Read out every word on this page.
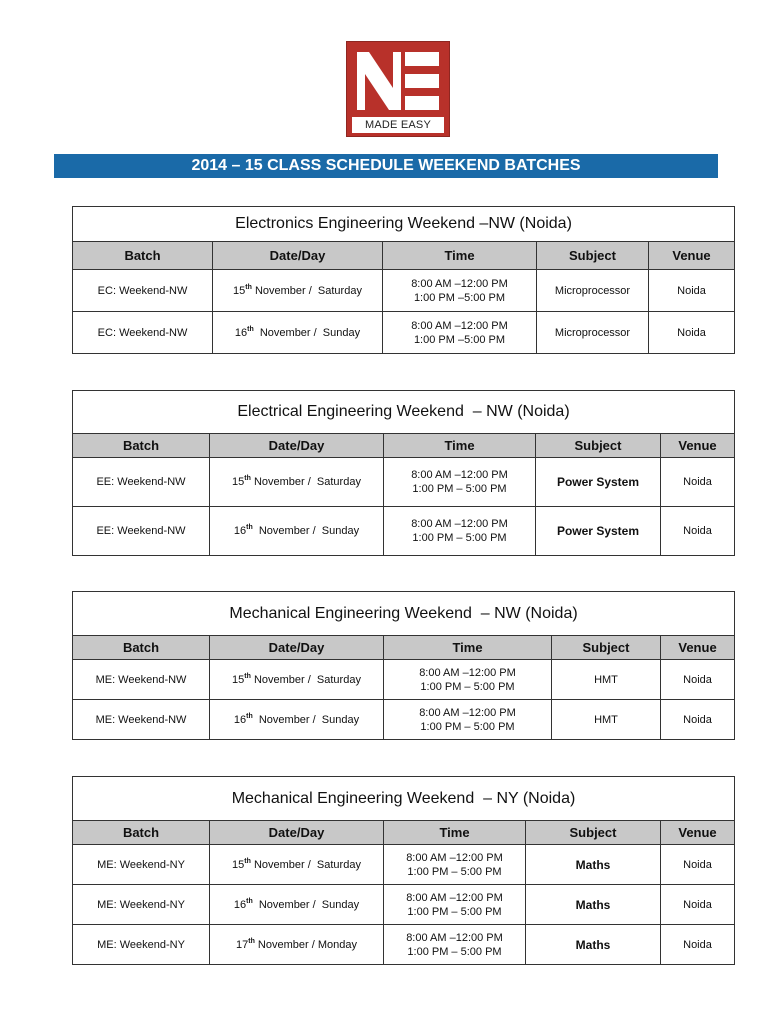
MADE EASY
2014 – 15 CLASS SCHEDULE WEEKEND BATCHES
Electronics Engineering Weekend –NW (Noida)				
Batch	Date/Day	Time	Subject	Venue
EC: Weekend-NW	15th November /  Saturday	8:00 AM –12:00 PM
1:00 PM –5:00 PM	Microprocessor	Noida
EC: Weekend-NW	16th  November /  Sunday	8:00 AM –12:00 PM
1:00 PM –5:00 PM	Microprocessor	Noida
Electrical Engineering Weekend  – NW (Noida)				
Batch	Date/Day	Time	Subject	Venue
EE: Weekend-NW	15th November /  Saturday	8:00 AM –12:00 PM
1:00 PM – 5:00 PM	Power System	Noida
EE: Weekend-NW	16th  November /  Sunday	8:00 AM –12:00 PM
1:00 PM – 5:00 PM	Power System	Noida
Mechanical Engineering Weekend  – NW (Noida)				
Batch	Date/Day	Time	Subject	Venue
ME: Weekend-NW	15th November /  Saturday	8:00 AM –12:00 PM
1:00 PM – 5:00 PM	HMT	Noida
ME: Weekend-NW	16th  November /  Sunday	8:00 AM –12:00 PM
1:00 PM – 5:00 PM	HMT	Noida
Mechanical Engineering Weekend  – NY (Noida)				
Batch	Date/Day	Time	Subject	Venue
ME: Weekend-NY	15th November /  Saturday	8:00 AM –12:00 PM
1:00 PM – 5:00 PM	Maths	Noida
ME: Weekend-NY	16th  November /  Sunday	8:00 AM –12:00 PM
1:00 PM – 5:00 PM	Maths	Noida
ME: Weekend-NY	17th November / Monday	8:00 AM –12:00 PM
1:00 PM – 5:00 PM	Maths	Noida
